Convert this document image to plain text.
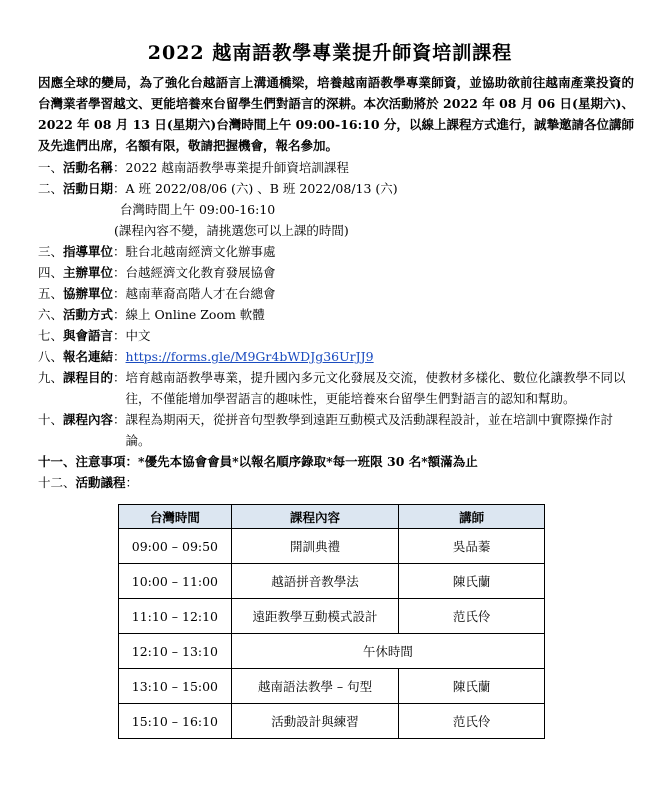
2022 越南語教學專業提升師資培訓課程
因應全球的變局，為了強化台越語言上溝通橋梁，培養越南語教學專業師資，並協助欲前往越南產業投資的台灣業者學習越文、更能培養來台留學生們對語言的深耕。本次活動將於 2022 年 08 月 06 日(星期六)、2022 年 08 月 13 日(星期六)台灣時間上午 09:00-16:10 分，以線上課程方式進行，誠摯邀請各位講師及先進們出席，名額有限，敬請把握機會，報名參加。
一、 活動名稱 ： 2022 越南語教學專業提升師資培訓課程
二、 活動日期 ： A 班 2022/08/06 (六) 、B 班 2022/08/13 (六)
台灣時間上午 09:00-16:10
(課程內容不變，請挑選您可以上課的時間)
三、 指導單位 ： 駐台北越南經濟文化辦事處
四、 主辦單位 ： 台越經濟文化教育發展協會
五、 協辦單位 ： 越南華裔高階人才在台總會
六、 活動方式 ： 線上 Online Zoom 軟體
七、 與會語言 ： 中文
八、 報名連結 ： https://forms.gle/M9Gr4bWDJg36UrJJ9
九、 課程目的 ： 培育越南語教學專業，提升國內多元文化發展及交流，使教材多樣化、數位化讓教學不同以往，不僅能增加學習語言的趣味性，更能培養來台留學生們對語言的認知和幫助。
十、 課程內容 ： 課程為期兩天，從拼音句型教學到遠距互動模式及活動課程設計，並在培訓中實際操作討論。
十一、 注意事項 ： *優先本協會會員*以報名順序錄取*每一班限 30 名*額滿為止
十二、 活動議程 ：
台灣時間	課程內容	講師
09:00 – 09:50	開訓典禮	吳品蓁
10:00 – 11:00	越語拼音教學法	陳氏蘭
11:10 – 12:10	遠距教學互動模式設計	范氏伶
12:10 – 13:10	午休時間	
13:10 – 15:00	越南語法教學 – 句型	陳氏蘭
15:10 – 16:10	活動設計與練習	范氏伶
